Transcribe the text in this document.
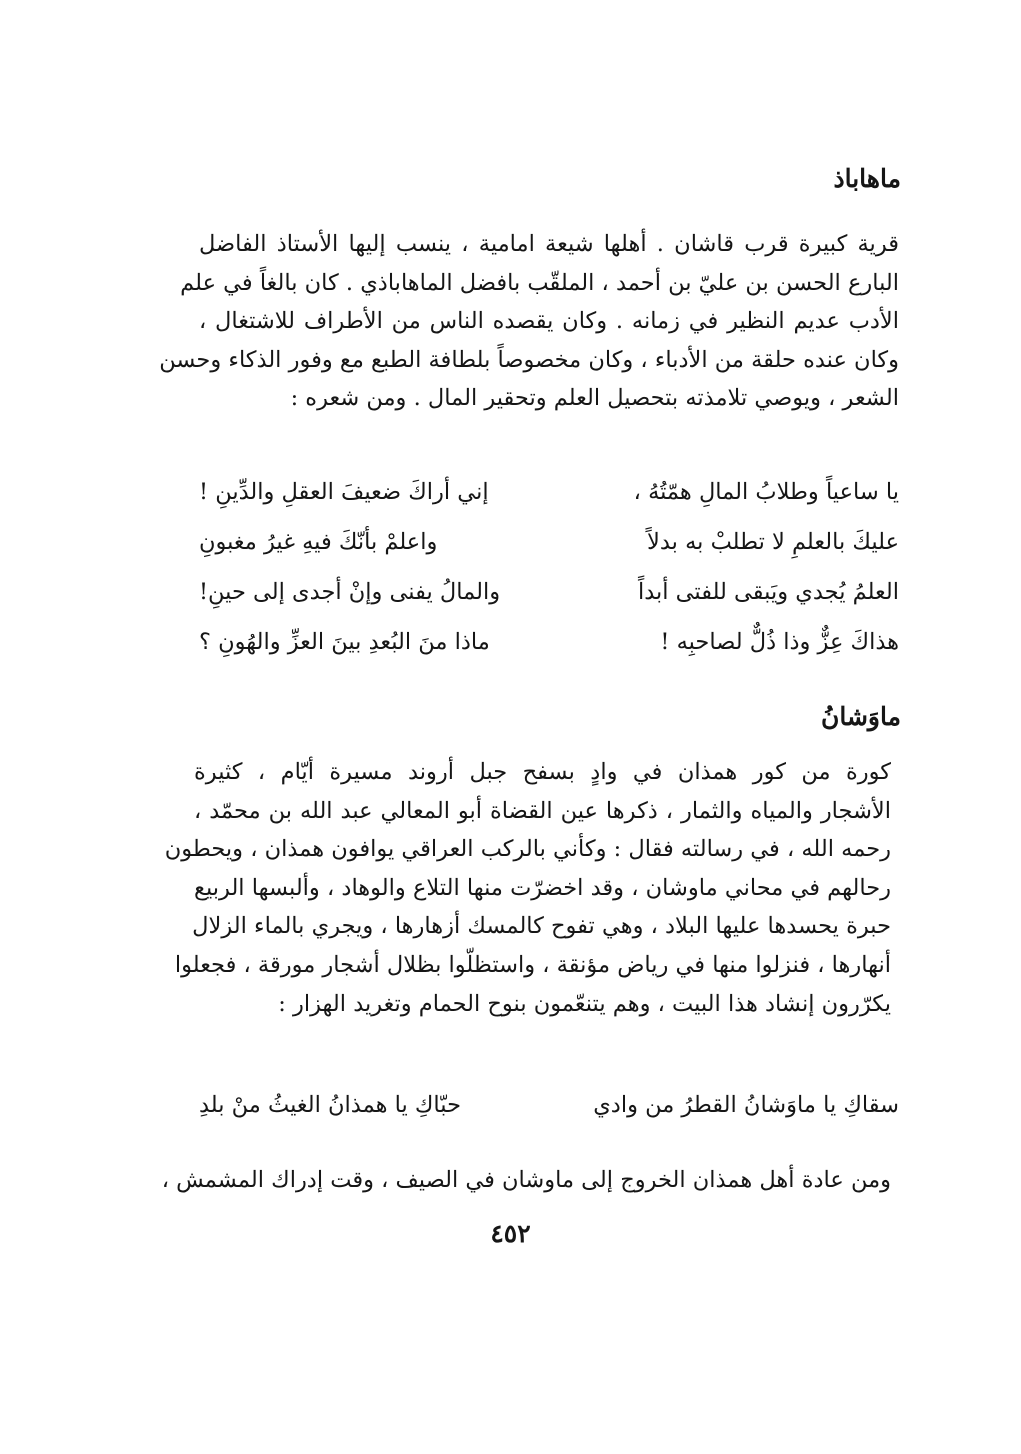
ماهاباذ
قرية كبيرة قرب قاشان . أهلها شيعة امامية ، ينسب إليها الأستاذ الفاضل
البارع الحسن بن عليّ بن أحمد ، الملقّب بافضل الماهاباذي . كان بالغاً في علم
الأدب عديم النظير في زمانه . وكان يقصده الناس من الأطراف للاشتغال ،
وكان عنده حلقة من الأدباء ، وكان مخصوصاً بلطافة الطبع مع وفور الذكاء وحسن
الشعر ، ويوصي تلامذته بتحصيل العلم وتحقير المال . ومن شعره :
يا ساعياً وطلابُ المالِ همّتُهُ ،
إني أراكَ ضعيفَ العقلِ والدِّينِ !
عليكَ بالعلمِ لا تطلبْ به بدلاً
واعلمْ بأنّكَ فيهِ غيرُ مغبونِ
العلمُ يُجدي ويَبقى للفتى أبداً
والمالُ يفنى وإنْ أجدى إلى حينِ!
هذاكَ عِزٌّ وذا ذُلٌّ لصاحبِه !
ماذا منَ البُعدِ بينَ العزِّ والهُونِ ؟
ماوَشانُ
كورة من كور همذان في وادٍ بسفح جبل أروند مسيرة أيّام ، كثيرة
الأشجار والمياه والثمار ، ذكرها عين القضاة أبو المعالي عبد الله بن محمّد ،
رحمه الله ، في رسالته فقال : وكأني بالركب العراقي يوافون همذان ، ويحطون
رحالهم في محاني ماوشان ، وقد اخضرّت منها التلاع والوهاد ، وألبسها الربيع
حبرة يحسدها عليها البلاد ، وهي تفوح كالمسك أزهارها ، ويجري بالماء الزلال
أنهارها ، فنزلوا منها في رياض مؤنقة ، واستظلّوا بظلال أشجار مورقة ، فجعلوا
يكرّرون إنشاد هذا البيت ، وهم يتنعّمون بنوح الحمام وتغريد الهزار :
سقاكِ يا ماوَشانُ القطرُ من وادي
حبّاكِ يا همذانُ الغيثُ منْ بلدِ
ومن عادة أهل همذان الخروج إلى ماوشان في الصيف ، وقت إدراك المشمش ،
٤٥٢
